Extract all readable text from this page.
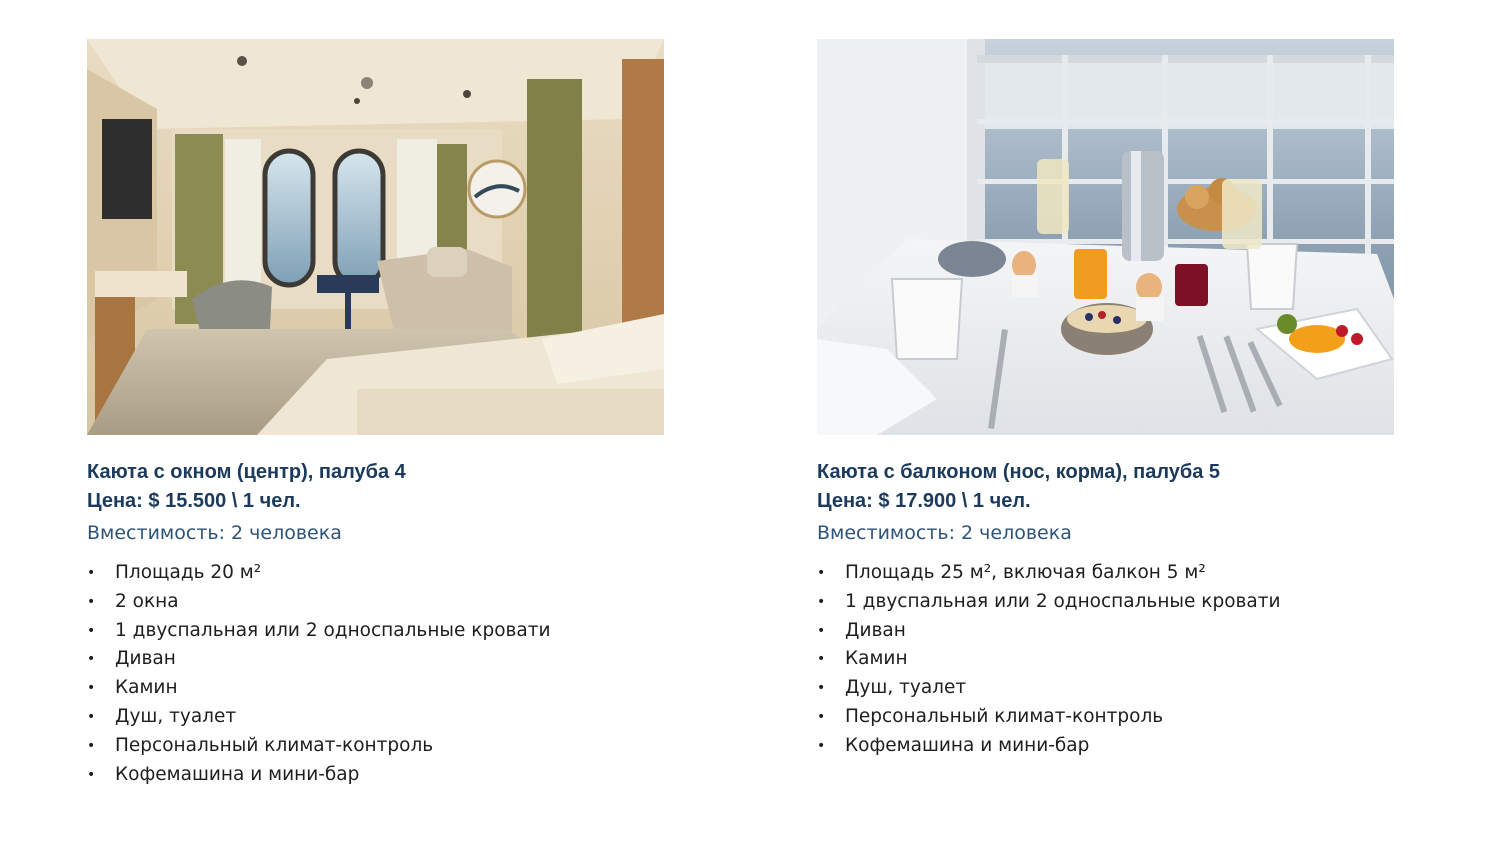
Каюта с окном (центр), палуба 4
Цена: $ 15.500 \ 1 чел.
Вместимость: 2 человека
• Площадь 20 м²
• 2 окна
• 1 двуспальная или 2 односпальные кровати
• Диван
• Камин
• Душ, туалет
• Персональный климат-контроль
• Кофемашина и мини-бар
Каюта с балконом (нос, корма), палуба 5
Цена: $ 17.900 \ 1 чел.
Вместимость: 2 человека
• Площадь 25 м², включая балкон 5 м²
• 1 двуспальная или 2 односпальные кровати
• Диван
• Камин
• Душ, туалет
• Персональный климат-контроль
• Кофемашина и мини-бар
